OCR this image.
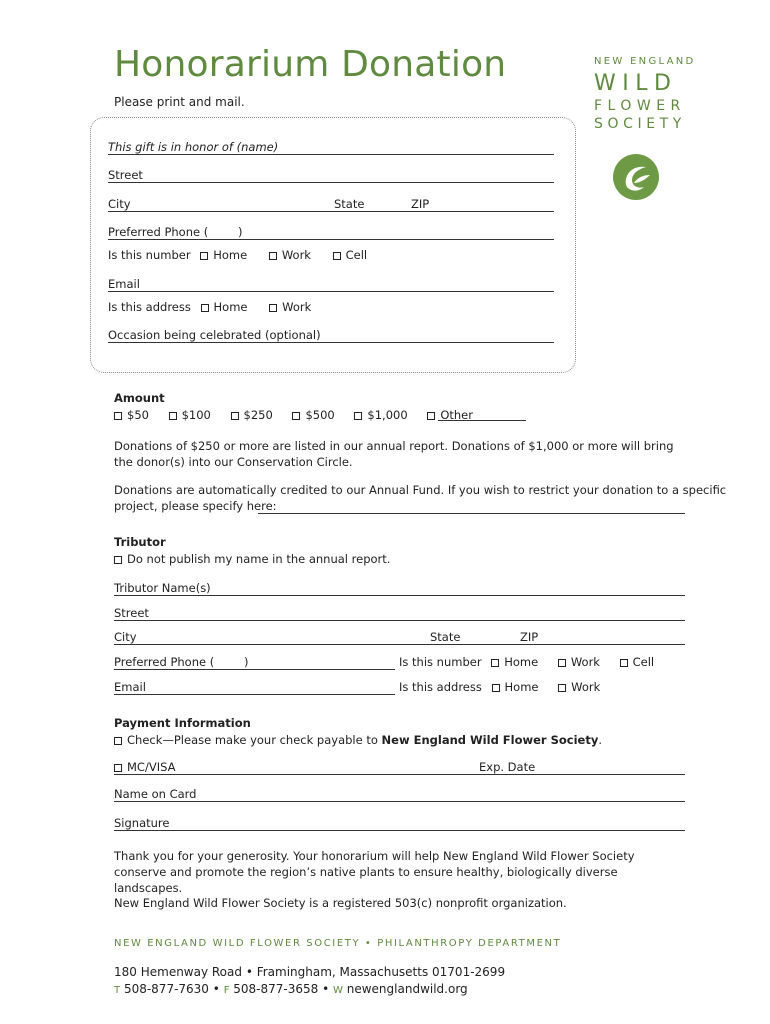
Honorarium Donation
Please print and mail.
NEW ENGLAND
WILD
FLOWER
SOCIETY
This gift is in honor of (name)
Street
City	State	ZIP
Preferred Phone (	)
Is this number Home	Work	Cell
Email
Is this address Home	Work
Occasion being celebrated (optional)
Amount
$50	$100	$250	$500	$1,000	Other
Donations of $250 or more are listed in our annual report. Donations of $1,000 or more will bring the donor(s) into our Conservation Circle.
Donations are automatically credited to our Annual Fund. If you wish to restrict your donation to a specific
project, please specify here:
Tributor
Do not publish my name in the annual report.
Tributor Name(s)
Street
City	State	ZIP
Preferred Phone (	)	Is this number Home	Work	Cell
Email	Is this address Home	Work
Payment Information
Check—Please make your check payable to New England Wild Flower Society.
MC/VISA	Exp. Date
Name on Card
Signature
Thank you for your generosity. Your honorarium will help New England Wild Flower Society conserve and promote the region’s native plants to ensure healthy, biologically diverse landscapes.
New England Wild Flower Society is a registered 503(c) nonprofit organization.
NEW ENGLAND WILD FLOWER SOCIETY • PHILANTHROPY DEPARTMENT
180 Hemenway Road • Framingham, Massachusetts 01701-2699
T 508-877-7630 • F 508-877-3658 • W newenglandwild.org
